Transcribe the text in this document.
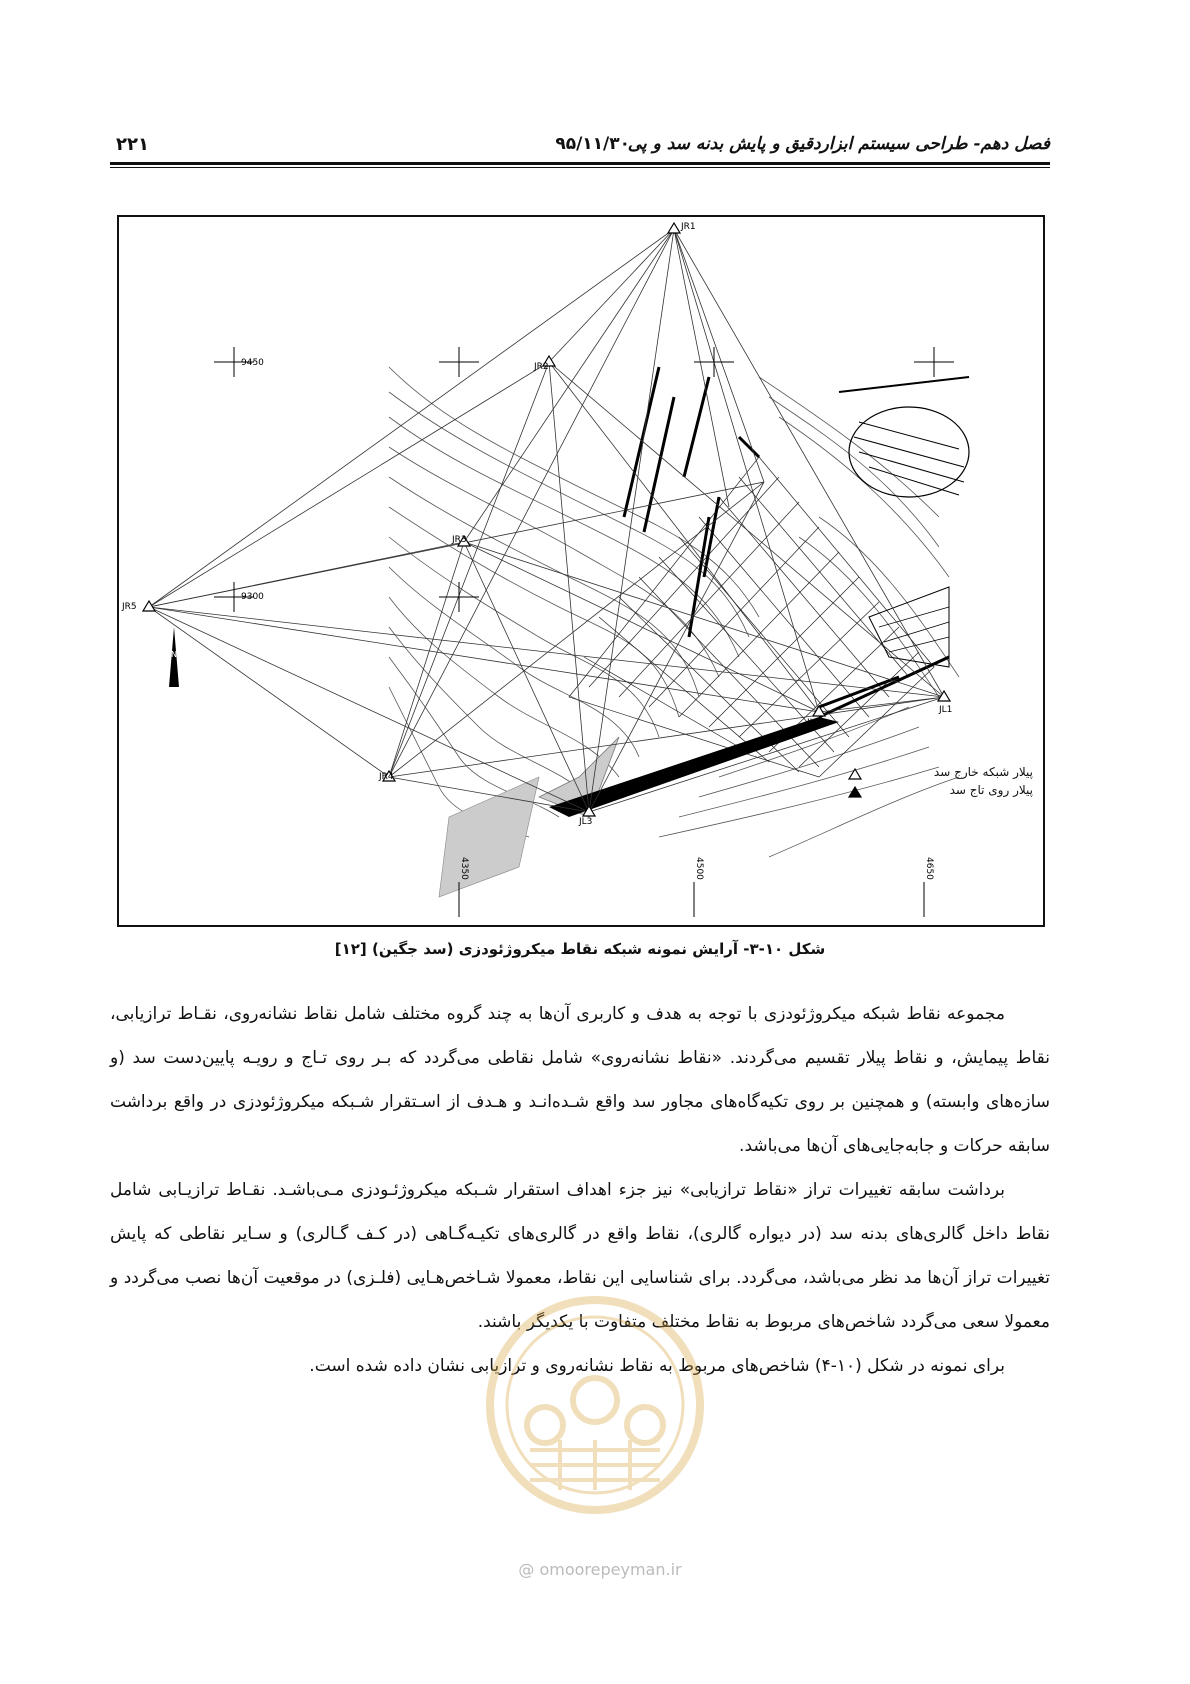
فصل دهم- طراحی سیستم ابزاردقیق و پایش بدنه سد و پی
۹۵/۱۱/۳۰
۲۲۱
JR1
JR2
JR3
JR4
JR5
JL1
JL2
JL3
9450
9300
4350	4500	4650
N
پیلار شبکه خارج سد
پیلار روی تاج سد
شکل ۱۰-۳- آرایش نمونه شبکه نقاط میکروژئودزی (سد جگین) [۱۲]

مجموعه نقاط شبکه میکروژئودزی با توجه به هدف و کاربری آن‌ها به چند گروه مختلف شامل نقاط نشانه‌روی، نقـاط ترازیابی، نقاط پیمایش، و نقاط پیلار تقسیم می‌گردند. «نقاط نشانه‌روی» شامل نقاطی می‌گردد که بـر روی تـاج و رویـه پایین‌دست سد (و سازه‌های وابسته) و همچنین بر روی تکیه‌گاه‌های مجاور سد واقع شـده‌انـد و هـدف از اسـتقرار شـبکه میکروژئودزی در واقع برداشت سابقه حرکات و جابه‌جایی‌های آن‌ها می‌باشد.

برداشت سابقه تغییرات تراز «نقاط ترازیابی» نیز جزء اهداف استقرار شـبکه میکروژئـودزی مـی‌باشـد. نقـاط ترازیـابی شامل نقاط داخل گالری‌های بدنه سد (در دیواره گالری)، نقاط واقع در گالری‌های تکیـه‌گـاهی (در کـف گـالری) و سـایر نقاطی که پایش تغییرات تراز آن‌ها مد نظر می‌باشد، می‌گردد. برای شناسایی این نقاط، معمولا شـاخص‌هـایی (فلـزی) در موقعیت آن‌ها نصب می‌گردد و معمولا سعی می‌گردد شاخص‌های مربوط به نقاط مختلف متفاوت با یکدیگر باشند.

برای نمونه در شکل (۱۰-۴) شاخص‌های مربوط به نقاط نشانه‌روی و ترازیابی نشان داده شده است.

@ omoorepeyman.ir
